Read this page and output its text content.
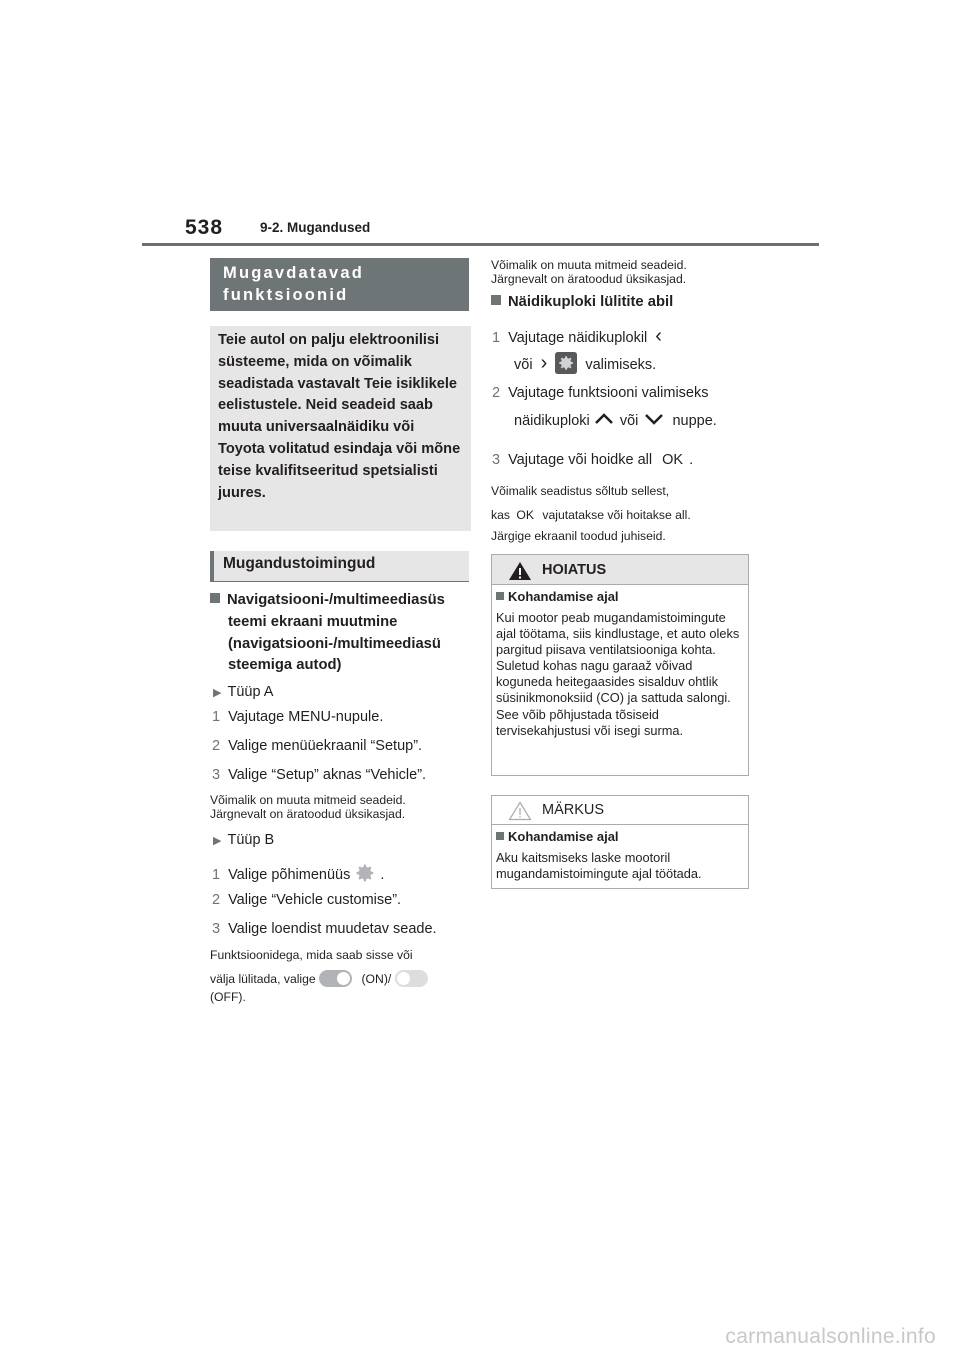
538	9-2. Mugandused
Mugavdatavad funktsioonid
Teie autol on palju elektroonilisi süsteeme, mida on võimalik seadistada vastavalt Teie isiklikele eelistustele. Neid seadeid saab muuta universaalnäidiku või Toyota volitatud esindaja või mõne teise kvalifitseeritud spetsialisti juures.
Mugandustoimingud
Navigatsiooni-/multimeediasüs
teemi ekraani muutmine
(navigatsiooni-/multimeediasü
steemiga autod)
▶ Tüüp A
1 Vajutage MENU-nupule.
2 Valige menüüekraanil “Setup”.
3 Valige “Setup” aknas “Vehicle”.
Võimalik on muuta mitmeid seadeid.
Järgnevalt on äratoodud üksikasjad.
▶ Tüüp B
1 Valige põhimenüüs .
2 Valige “Vehicle customise”.
3 Valige loendist muudetav seade.
Funktsioonidega, mida saab sisse või
välja lülitada, valige	(ON)/
(OFF).
Võimalik on muuta mitmeid seadeid.
Järgnevalt on äratoodud üksikasjad.
Näidikuploki lülitite abil
1 Vajutage näidikuplokil ‹
või ›	valimiseks.
2 Vajutage funktsiooni valimiseks
näidikuploki või nuppe.
3 Vajutage või hoidke all OK .
Võimalik seadistus sõltub sellest,
kas OK vajutatakse või hoitakse all.
Järgige ekraanil toodud juhiseid.
HOIATUS
Kohandamise ajal
Kui mootor peab mugandamistoimingute ajal töötama, siis kindlustage, et auto oleks pargitud piisava ventilatsiooniga kohta. Suletud kohas nagu garaaž võivad koguneda heitegaasides sisalduv ohtlik süsinikmonoksiid (CO) ja sattuda salongi. See võib põhjustada tõsiseid tervisekahjustusi või isegi surma.
MÄRKUS
Kohandamise ajal
Aku kaitsmiseks laske mootoril mugandamistoimingute ajal töötada.
carmanualsonline.info
